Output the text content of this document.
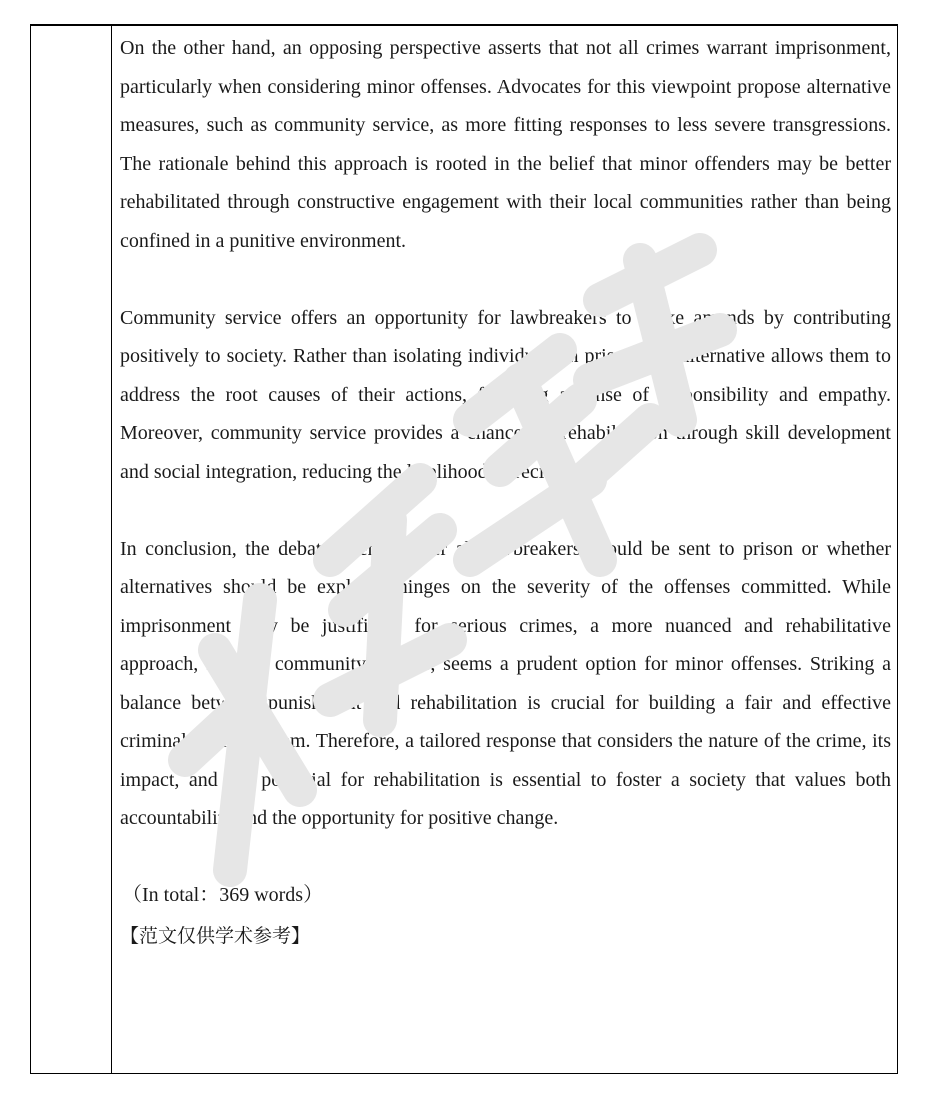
On the other hand, an opposing perspective asserts that not all crimes warrant imprisonment, particularly when considering minor offenses. Advocates for this viewpoint propose alternative measures, such as community service, as more fitting responses to less severe transgressions. The rationale behind this approach is rooted in the belief that minor offenders may be better rehabilitated through constructive engagement with their local communities rather than being confined in a punitive environment.

Community service offers an opportunity for lawbreakers to make amends by contributing positively to society. Rather than isolating individuals in prison, this alternative allows them to address the root causes of their actions, fostering a sense of responsibility and empathy. Moreover, community service provides a chance for rehabilitation through skill development and social integration, reducing the likelihood of recidivism.

In conclusion, the debate over whether all lawbreakers should be sent to prison or whether alternatives should be explored hinges on the severity of the offenses committed. While imprisonment may be justifiable for serious crimes, a more nuanced and rehabilitative approach, such as community service, seems a prudent option for minor offenses. Striking a balance between punishment and rehabilitation is crucial for building a fair and effective criminal justice system. Therefore, a tailored response that considers the nature of the crime, its impact, and the potential for rehabilitation is essential to foster a society that values both accountability and the opportunity for positive change.

（In total：369 words）

【范文仅供学术参考】
